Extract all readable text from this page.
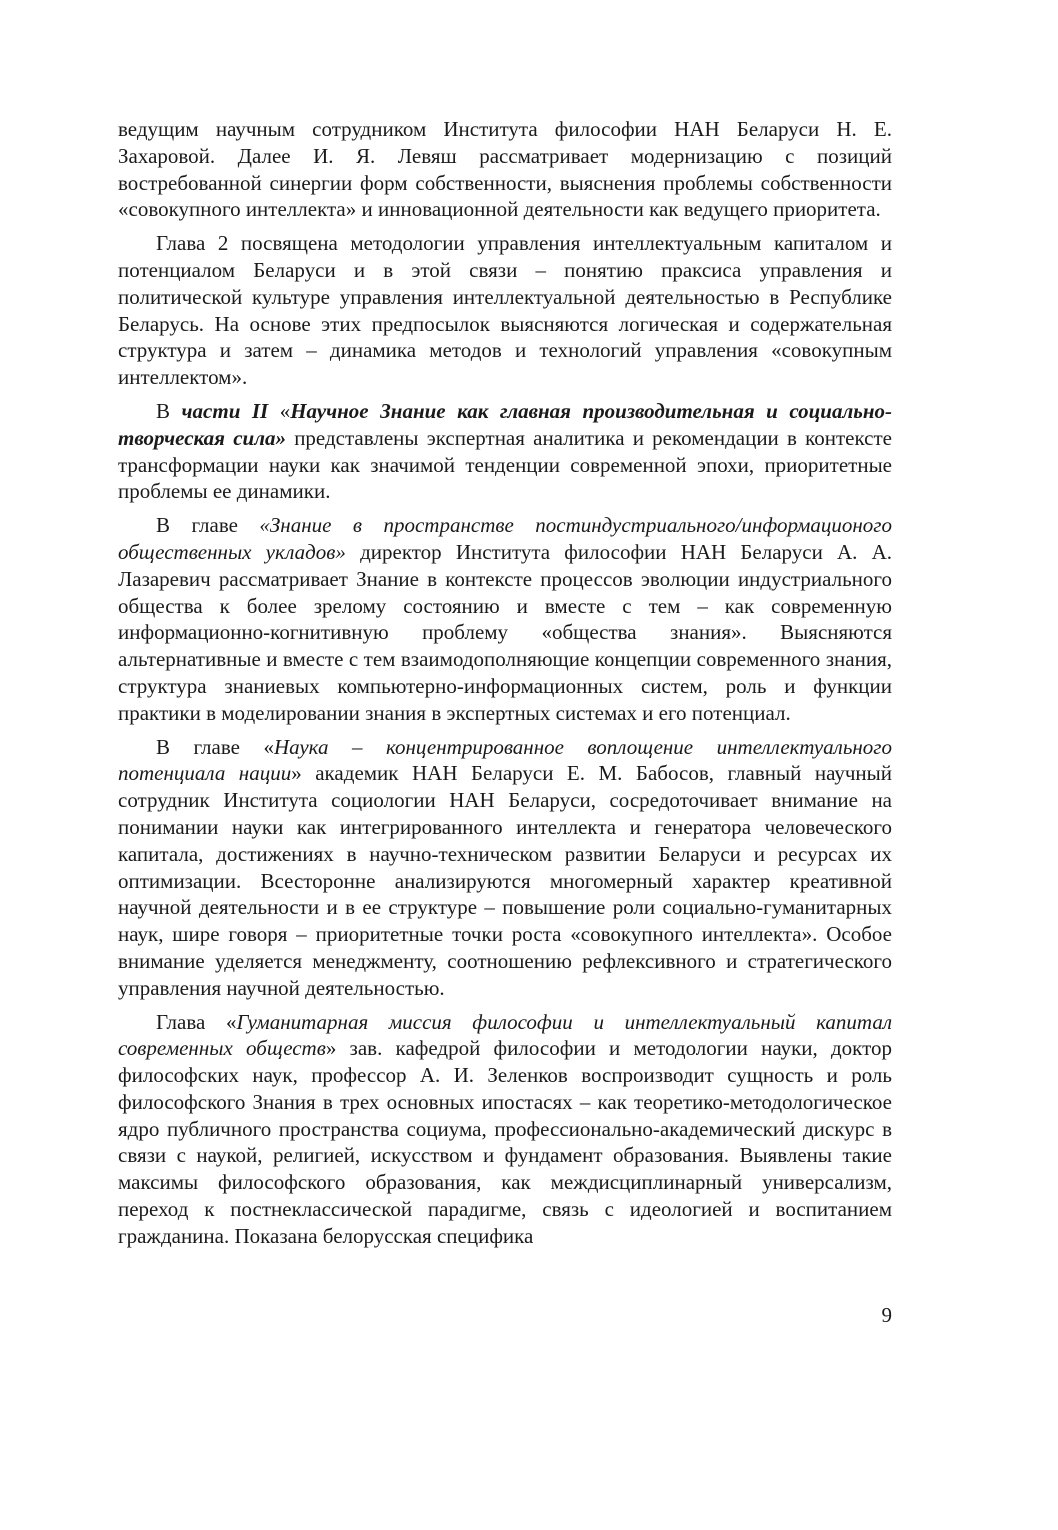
ведущим научным сотрудником Института философии НАН Беларуси Н. Е. Захаровой. Далее И. Я. Левяш рассматривает модернизацию с позиций востребованной синергии форм собственности, выяснения проблемы собственности «совокупного интеллекта» и инновационной деятельности как ведущего приоритета.

Глава 2 посвящена методологии управления интеллектуальным капиталом и потенциалом Беларуси и в этой связи – понятию праксиса управления и политической культуре управления интеллектуальной деятельностью в Республике Беларусь. На основе этих предпосылок выясняются логическая и содержательная структура и затем – динамика методов и технологий управления «совокупным интеллектом».

В части II «Научное Знание как главная производительная и социально-творческая сила» представлены экспертная аналитика и рекомендации в контексте трансформации науки как значимой тенденции современной эпохи, приоритетные проблемы ее динамики.

В главе «Знание в пространстве постиндустриального/информационого общественных укладов» директор Института философии НАН Беларуси А. А. Лазаревич рассматривает Знание в контексте процессов эволюции индустриального общества к более зрелому состоянию и вместе с тем – как современную информационно-когнитивную проблему «общества знания». Выясняются альтернативные и вместе с тем взаимодополняющие концепции современного знания, структура знаниевых компьютерно-информационных систем, роль и функции практики в моделировании знания в экспертных системах и его потенциал.

В главе «Наука – концентрированное воплощение интеллектуального потенциала нации» академик НАН Беларуси Е. М. Бабосов, главный научный сотрудник Института социологии НАН Беларуси, сосредоточивает внимание на понимании науки как интегрированного интеллекта и генератора человеческого капитала, достижениях в научно-техническом развитии Беларуси и ресурсах их оптимизации. Всесторонне анализируются многомерный характер креативной научной деятельности и в ее структуре – повышение роли социально-гуманитарных наук, шире говоря – приоритетные точки роста «совокупного интеллекта». Особое внимание уделяется менеджменту, соотношению рефлексивного и стратегического управления научной деятельностью.

Глава «Гуманитарная миссия философии и интеллектуальный капитал современных обществ» зав. кафедрой философии и методологии науки, доктор философских наук, профессор А. И. Зеленков воспроизводит сущность и роль философского Знания в трех основных ипостасях – как теоретико-методологическое ядро публичного пространства социума, профессионально-академический дискурс в связи с наукой, религией, искусством и фундамент образования. Выявлены такие максимы философского образования, как междисциплинарный универсализм, переход к постнеклассической парадигме, связь с идеологией и воспитанием гражданина. Показана белорусская специфика

9
